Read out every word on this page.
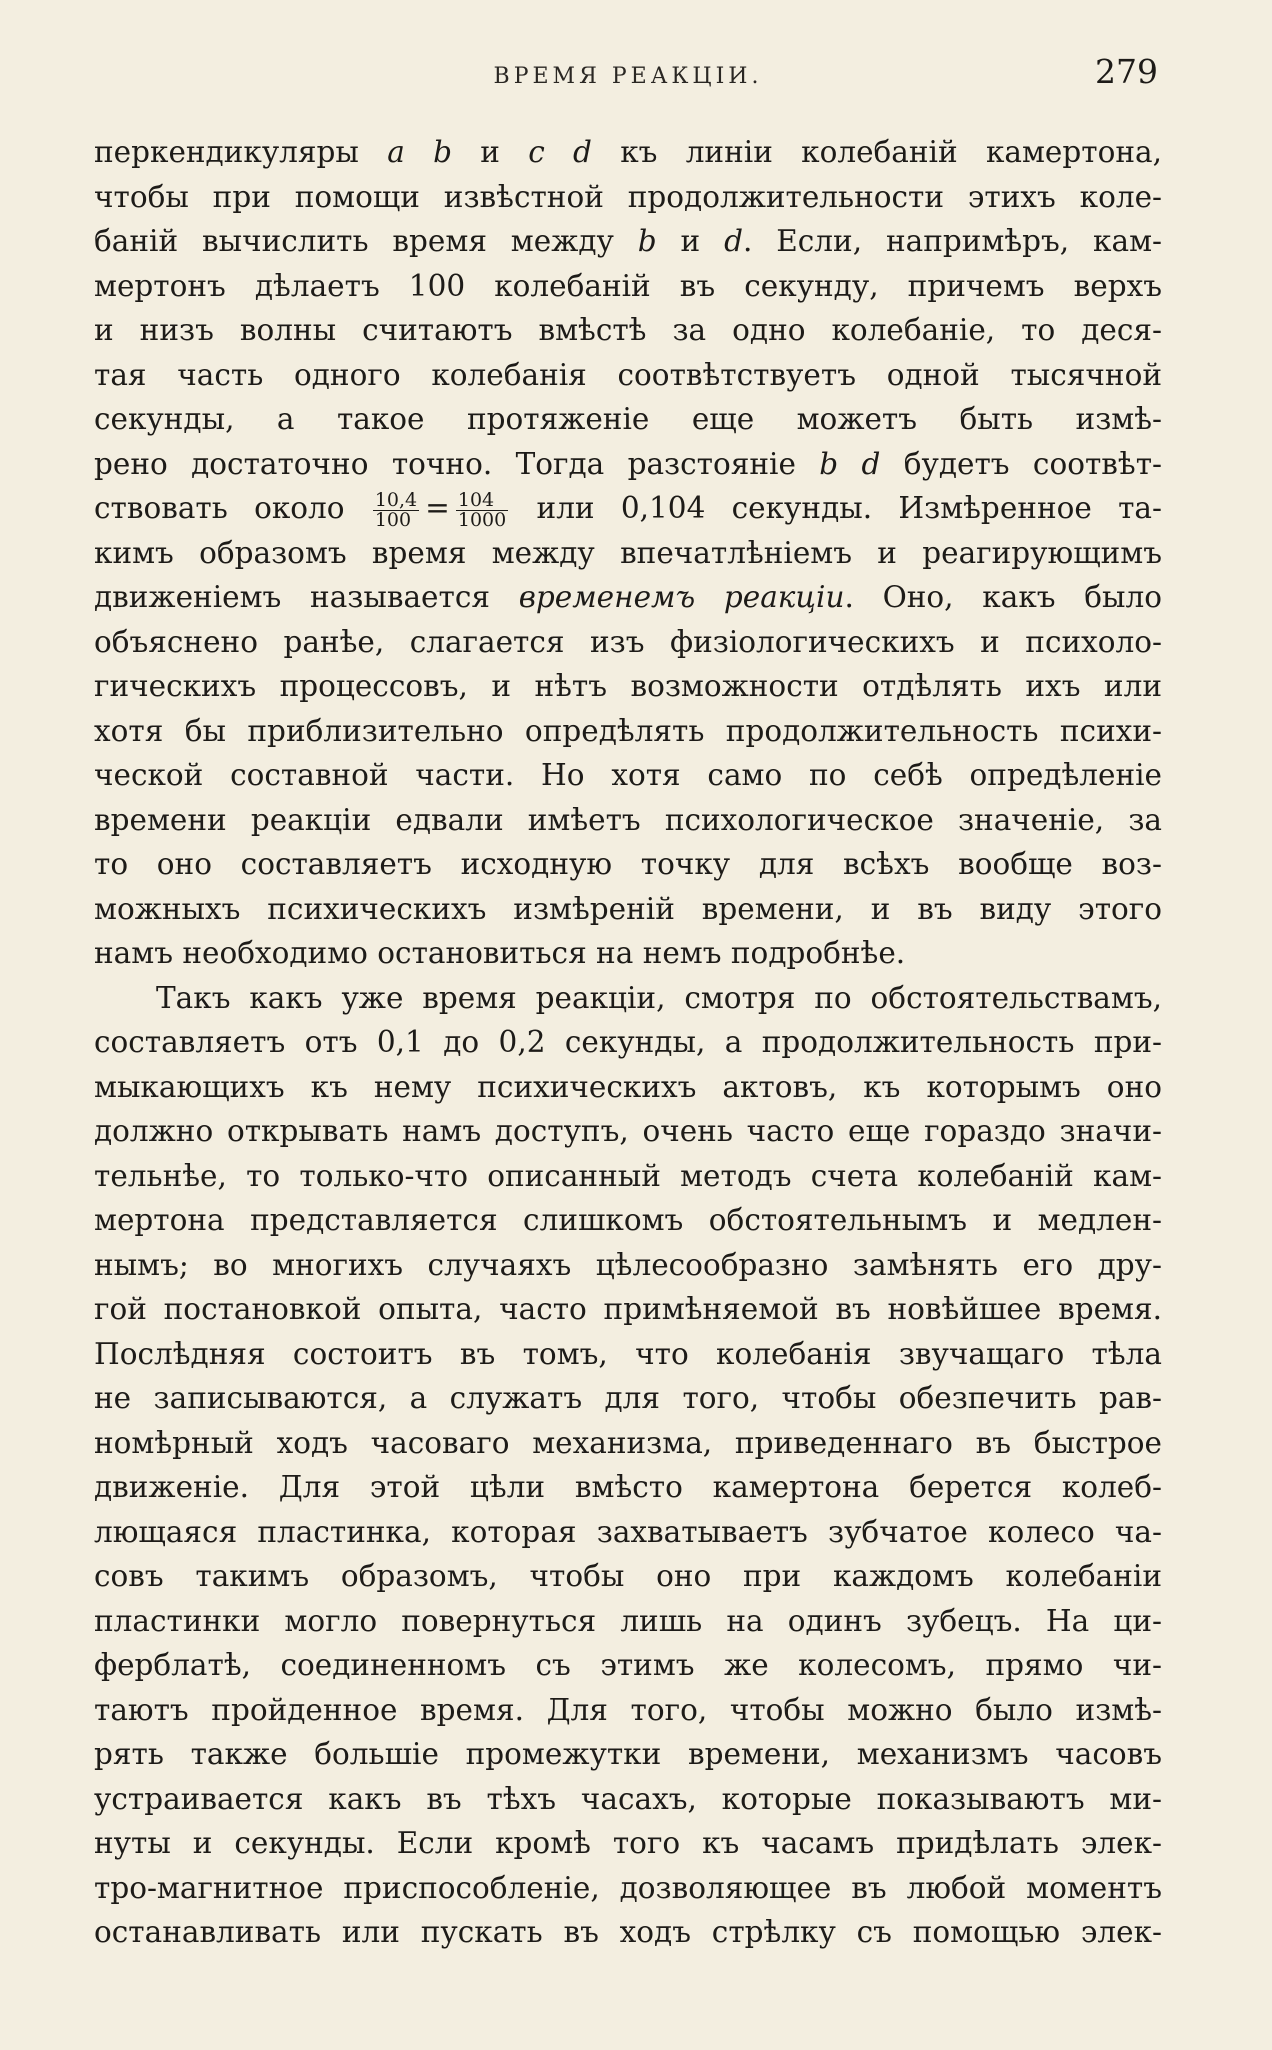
ВРЕМЯ РЕАКЦІИ.	279
перкендикуляры a b и c d къ линіи колебаній камертона,
чтобы при помощи извѣстной продолжительности этихъ коле-
баній вычислить время между b и d. Если, напримѣръ, кам-
мертонъ дѣлаетъ 100 колебаній въ секунду, причемъ верхъ
и низъ волны считаютъ вмѣстѣ за одно колебаніе, то деся-
тая часть одного колебанія соотвѣтствуетъ одной тысячной
секунды, а такое протяженіе еще можетъ быть измѣ-
рено достаточно точно. Тогда разстояніе b d будетъ соотвѣт-
ствовать около $\frac{10,4}{100} = \frac{104}{1000}$ или 0,104 секунды. Измѣренное та-
кимъ образомъ время между впечатлѣніемъ и реагирующимъ
движеніемъ называется временемъ реакціи. Оно, какъ было
объяснено ранѣе, слагается изъ физіологическихъ и психоло-
гическихъ процессовъ, и нѣтъ возможности отдѣлять ихъ или
хотя бы приблизительно опредѣлять продолжительность психи-
ческой составной части. Но хотя само по себѣ опредѣленіе
времени реакціи едвали имѣетъ психологическое значеніе, за
то оно составляетъ исходную точку для всѣхъ вообще воз-
можныхъ психическихъ измѣреній времени, и въ виду этого
намъ необходимо остановиться на немъ подробнѣе.
Такъ какъ уже время реакціи, смотря по обстоятельствамъ,
составляетъ отъ 0,1 до 0,2 секунды, а продолжительность при-
мыкающихъ къ нему психическихъ актовъ, къ которымъ оно
должно открывать намъ доступъ, очень часто еще гораздо значи-
тельнѣе, то только-что описанный методъ счета колебаній кам-
мертона представляется слишкомъ обстоятельнымъ и медлен-
нымъ; во многихъ случаяхъ цѣлесообразно замѣнять его дру-
гой постановкой опыта, часто примѣняемой въ новѣйшее время.
Послѣдняя состоитъ въ томъ, что колебанія звучащаго тѣла
не записываются, а служатъ для того, чтобы обезпечить рав-
номѣрный ходъ часоваго механизма, приведеннаго въ быстрое
движеніе. Для этой цѣли вмѣсто камертона берется колеб-
лющаяся пластинка, которая захватываетъ зубчатое колесо ча-
совъ такимъ образомъ, чтобы оно при каждомъ колебаніи
пластинки могло повернуться лишь на одинъ зубецъ. На ци-
ферблатѣ, соединенномъ съ этимъ же колесомъ, прямо чи-
таютъ пройденное время. Для того, чтобы можно было измѣ-
рять также большіе промежутки времени, механизмъ часовъ
устраивается какъ въ тѣхъ часахъ, которые показываютъ ми-
нуты и секунды. Если кромѣ того къ часамъ придѣлать элек-
тро-магнитное приспособленіе, дозволяющее въ любой моментъ
останавливать или пускать въ ходъ стрѣлку съ помощью элек-
